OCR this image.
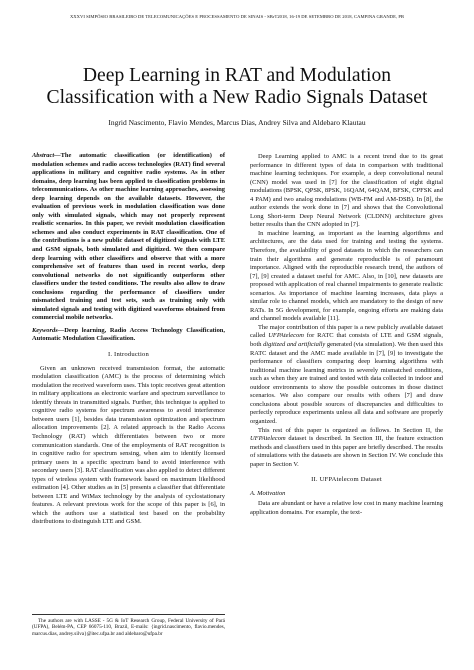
XXXVI SIMPÓSIO BRASILEIRO DE TELECOMUNICAÇÕES E PROCESSAMENTO DE SINAIS - SBrT2018, 16-19 DE SETEMBRO DE 2018, CAMPINA GRANDE, PB
Deep Learning in RAT and Modulation
Classification with a New Radio Signals Dataset
Ingrid Nascimento, Flavio Mendes, Marcus Dias, Andrey Silva and Aldebaro Klautau
Abstract—The automatic classification (or identification) of modulation schemes and radio access technologies (RAT) find several applications in military and cognitive radio systems. As in other domains, deep learning has been applied to classification problems in telecommunications. As other machine learning approaches, assessing deep learning depends on the available datasets. However, the evaluation of previous work in modulation classification was done only with simulated signals, which may not properly represent realistic scenarios. In this paper, we revisit modulation classification schemes and also conduct experiments in RAT classification. One of the contributions is a new public dataset of digitized signals with LTE and GSM signals, both simulated and digitized. We then compare deep learning with other classifiers and observe that with a more comprehensive set of features than used in recent works, deep convolutional networks do not significantly outperform other classifiers under the tested conditions. The results also allow to draw conclusions regarding the performance of classifiers under mismatched training and test sets, such as training only with simulated signals and testing with digitized waveforms obtained from commercial mobile networks.
Keywords—Deep learning, Radio Access Technology Classification, Automatic Modulation Classification.
I. Introduction

Given an unknown received transmission format, the automatic modulation classification (AMC) is the process of determining which modulation the received waveform uses. This topic receives great attention in military applications as electronic warfare and spectrum surveillance to identify threats in transmitted signals. Further, this technique is applied to cognitive radio systems for spectrum awareness to avoid interference between users [1], besides data transmission optimization and spectrum allocation improvements [2]. A related approach is the Radio Access Technology (RAT) which differentiates between two or more communication standards. One of the employments of RAT recognition is in cognitive radio for spectrum sensing, when aim to identify licensed primary users in a specific spectrum band to avoid interference with secondary users [3]. RAT classification was also applied to detect different types of wireless system with framework based on maximum likelihood estimation [4]. Other studies as in [5] presents a classifier that differentiate between LTE and WiMax technology by the analysis of cyclostationary features. A relevant previous work for the scope of this paper is [6], in which the authors use a statistical test based on the probability distributions to distinguish LTE and GSM.

The authors are with LASSE - 5G & IoT Research Group, Federal University of Pará (UFPA), Belém-PA, CEP 66075-110, Brazil, E-mails: {ingrid.nascimento, flavio.mendes, marcus.dias, andrey.silva}@itec.ufpa.br and aldebaro@ufpa.br

Deep Learning applied to AMC is a recent trend due to its great performance in different types of data in comparison with traditional machine learning techniques. For example, a deep convolutional neural (CNN) model was used in [7] for the classification of eight digital modulations (BPSK, QPSK, 8PSK, 16QAM, 64QAM, BFSK, CPFSK and 4 PAM) and two analog modulations (WB-FM and AM-DSB). In [8], the author extends the work done in [7] and shows that the Convolutional Long Short-term Deep Neural Network (CLDNN) architecture gives better results than the CNN adopted in [7].

In machine learning, as important as the learning algorithms and architectures, are the data used for training and testing the systems. Therefore, the availability of good datasets in which the researchers can train their algorithms and generate reproducible is of paramount importance. Aligned with the reproducible research trend, the authors of [7], [9] created a dataset useful for AMC. Also, in [10], new datasets are proposed with application of real channel impairments to generate realistic scenarios. As importance of machine learning increases, data plays a similar role to channel models, which are mandatory to the design of new RATs. In 5G development, for example, ongoing efforts are making data and channel models available [11].

The major contribution of this paper is a new publicly available dataset called UFPAtelecom for RATC that consists of LTE and GSM signals, both digitized and artificially generated (via simulation). We then used this RATC dataset and the AMC made available in [7], [9] to investigate the performance of classifiers comparing deep learning algorithms with traditional machine learning metrics in severely mismatched conditions, such as when they are trained and tested with data collected in indoor and outdoor environments to show the possible outcomes in those distinct scenarios. We also compare our results with others [7] and draw conclusions about possible sources of discrepancies and difficulties to perfectly reproduce experiments unless all data and software are properly organized.

This rest of this paper is organized as follows. In Section II, the UFPAtelecom dataset is described. In Section III, the feature extraction methods and classifiers used in this paper are briefly described. The results of simulations with the datasets are shown in Section IV. We conclude this paper in Section V.

II. UFPAtelecom Dataset
A. Motivation

Data are abundant or have a relative low cost in many machine learning application domains. For example, the text-
